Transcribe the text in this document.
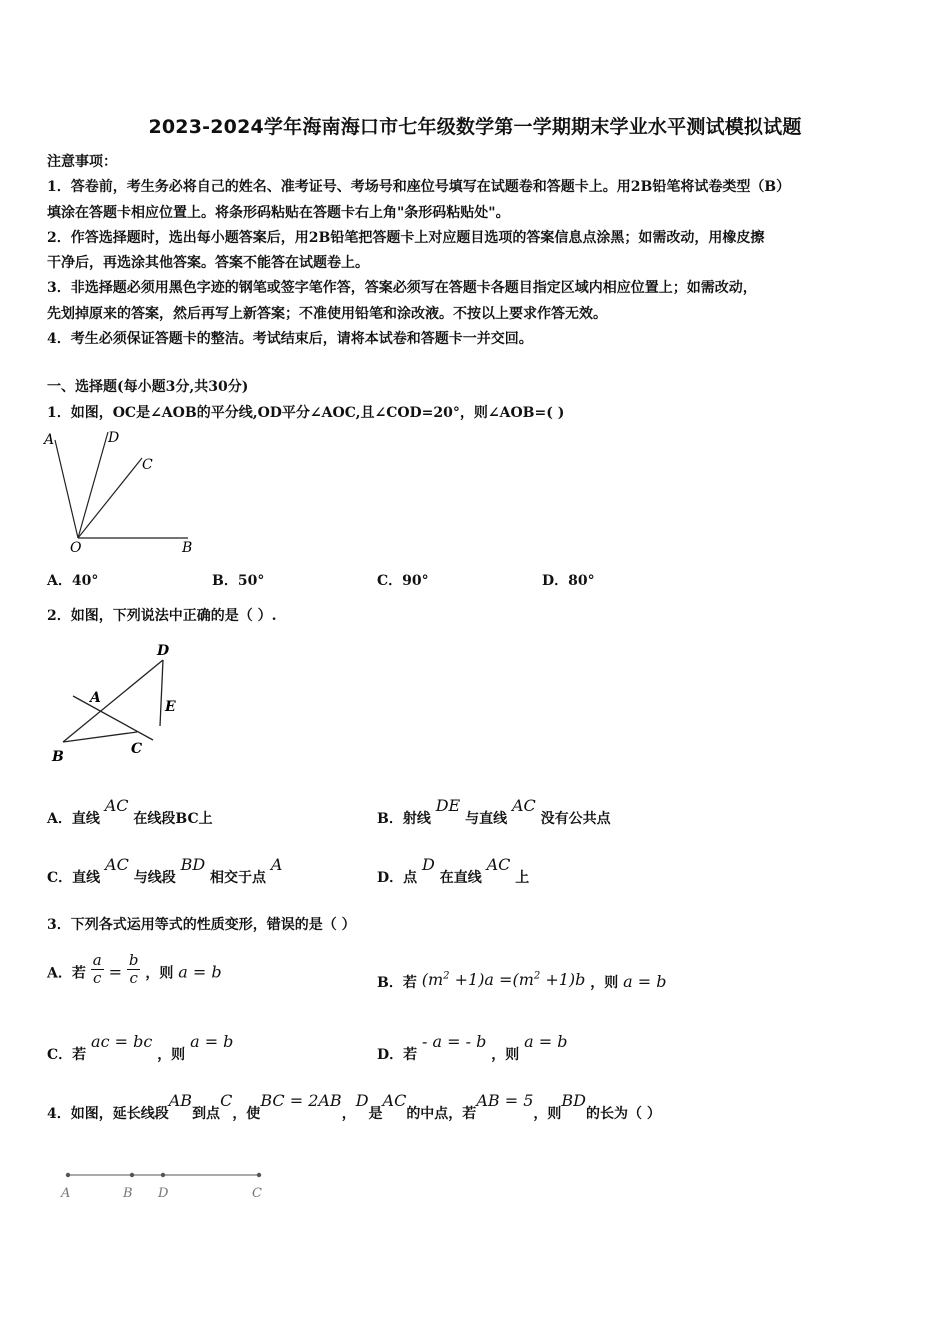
2023-2024学年海南海口市七年级数学第一学期期末学业水平测试模拟试题

注意事项：

1．答卷前，考生务必将自己的姓名、准考证号、考场号和座位号填写在试题卷和答题卡上。用2B铅笔将试卷类型（B）

填涂在答题卡相应位置上。将条形码粘贴在答题卡右上角"条形码粘贴处"。

2．作答选择题时，选出每小题答案后，用2B铅笔把答题卡上对应题目选项的答案信息点涂黑；如需改动，用橡皮擦

干净后，再选涂其他答案。答案不能答在试题卷上。

3．非选择题必须用黑色字迹的钢笔或签字笔作答，答案必须写在答题卡各题目指定区域内相应位置上；如需改动，

先划掉原来的答案，然后再写上新答案；不准使用铅笔和涂改液。不按以上要求作答无效。

4．考生必须保证答题卡的整洁。考试结束后，请将本试卷和答题卡一并交回。

一、选择题(每小题3分,共30分)
1．如图，OC是∠AOB的平分线,OD平分∠AOC,且∠COD=20°，则∠AOB=( )
A	D
C
O	B
A．40°	B．50°	C．90°	D．80°
2．如图，下列说法中正确的是（ ）.
D
A
E
B	C
A．直线 AC 在线段BC上	B．射线 DE 与直线 AC 没有公共点
C．直线 AC 与线段 BD 相交于点 A
D．点 D 在直线 AC 上
3．下列各式运用等式的性质变形，错误的是（ ）
A．若 $\frac{a}{c} = \frac{b}{c}$ ，则 a = b
B．若 $(m^2 +1)a =(m^2 +1)b$ ，则 a = b
C．若 ac = bc ，则 a = b
D．若 - a = - b ，则 a = b
4．如图，延长线段AB到点C，使BC = 2AB，D是AC的中点，若AB = 5，则BD的长为（ ）
A	B D	C
